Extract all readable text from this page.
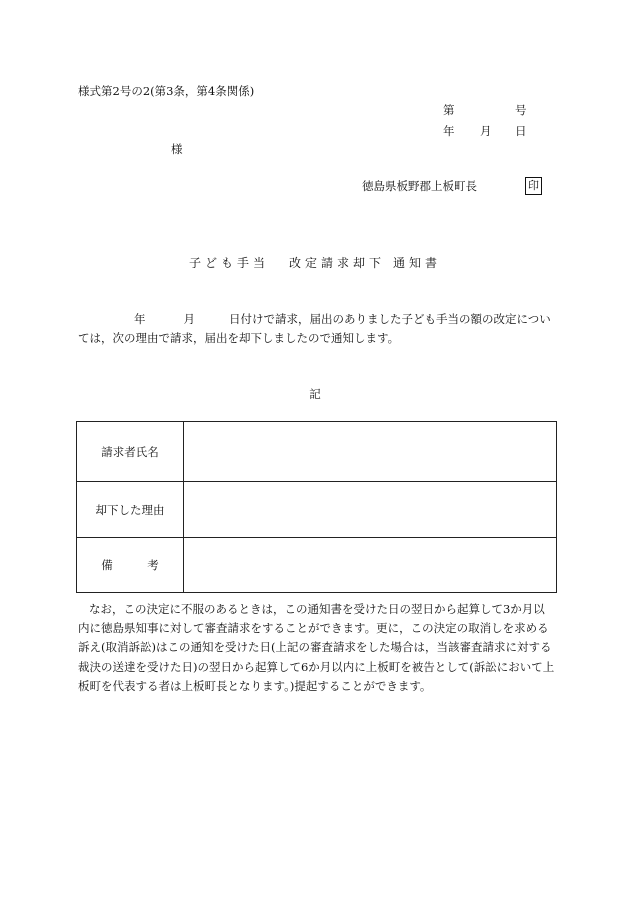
様式第2号の2(第3条，第4条関係)
第	号
年 月 日
様
徳島県板野郡上板町長	印
子ども手当 改定請求却下 通知書
年	月	日付けで請求，届出のありました子ども手当の額の改定については，次の理由で請求，届出を却下しましたので通知します。
記
請求者氏名	
却下した理由	
備　　　考	

なお，この決定に不服のあるときは，この通知書を受けた日の翌日から起算して3か月以内に徳島県知事に対して審査請求をすることができます。更に，この決定の取消しを求める訴え(取消訴訟)はこの通知を受けた日(上記の審査請求をした場合は，当該審査請求に対する裁決の送達を受けた日)の翌日から起算して6か月以内に上板町を被告として(訴訟において上板町を代表する者は上板町長となります。)提起することができます。
